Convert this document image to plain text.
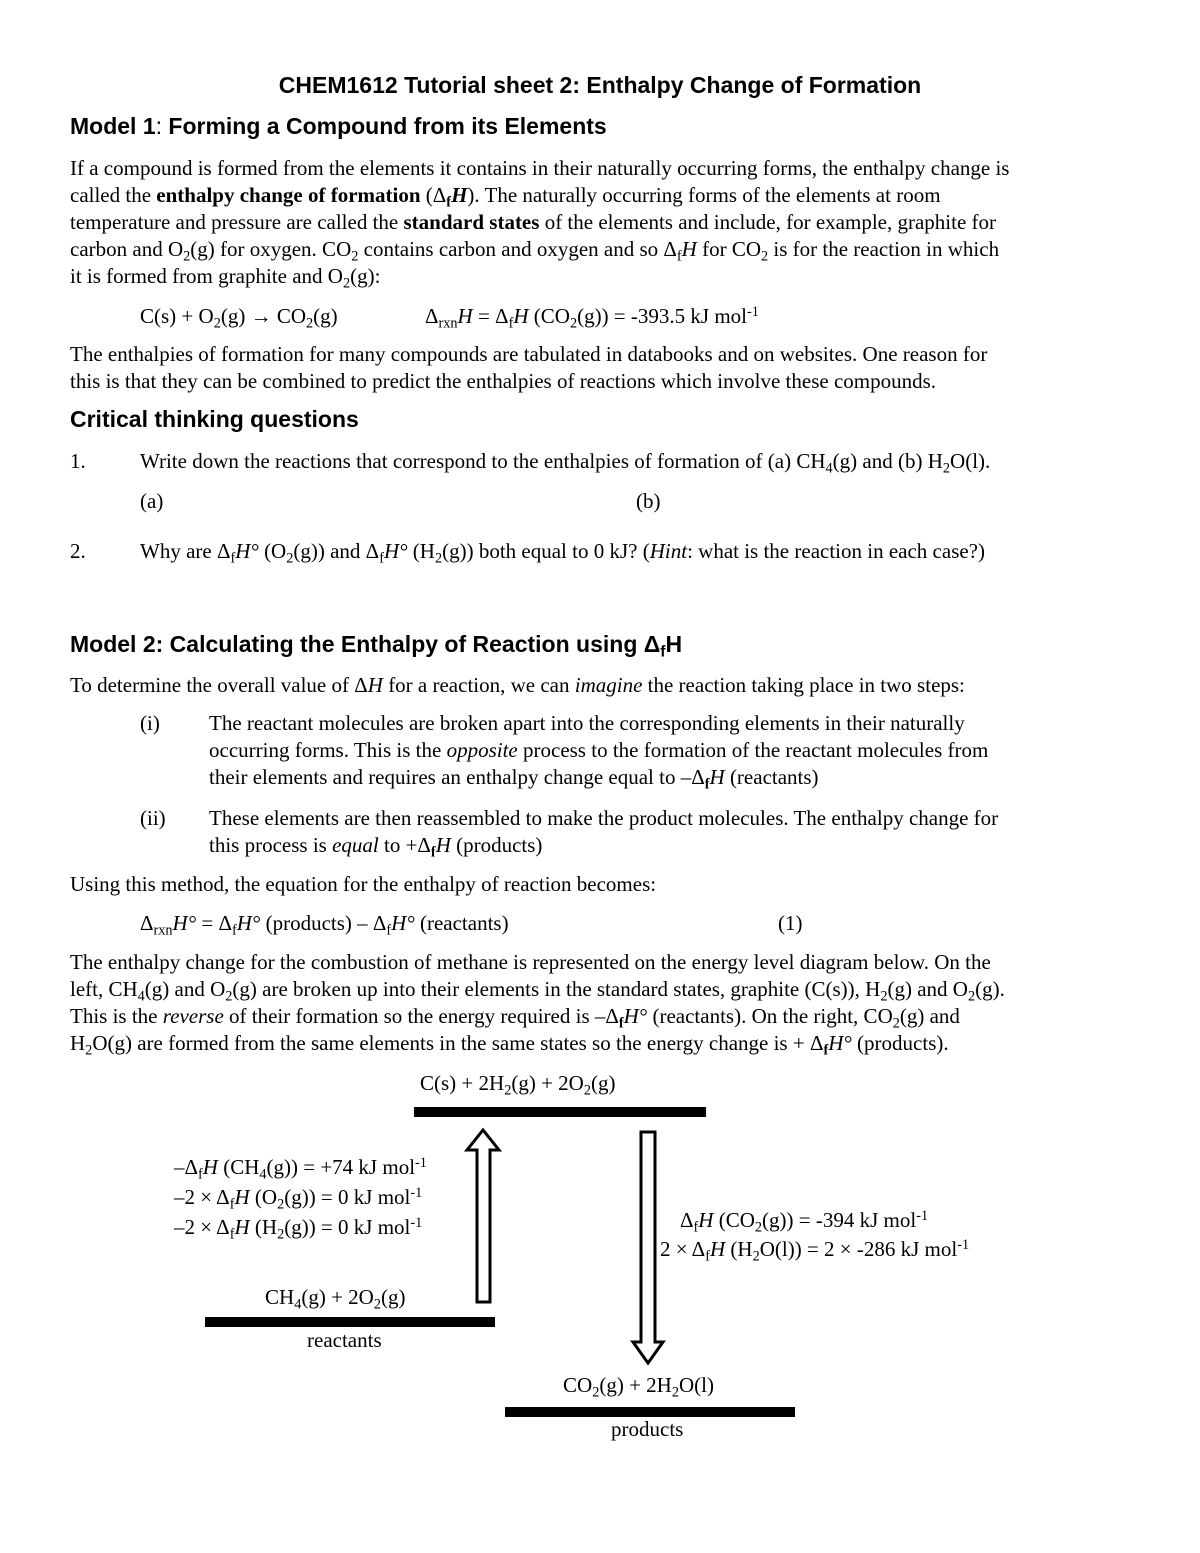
CHEM1612 Tutorial sheet 2: Enthalpy Change of Formation
Model 1: Forming a Compound from its Elements
If a compound is formed from the elements it contains in their naturally occurring forms, the enthalpy change is
called the enthalpy change of formation $(\Delta_fH)$. The naturally occurring forms of the elements at room
temperature and pressure are called the standard states of the elements and include, for example, graphite for
carbon and $O_2(g)$ for oxygen. $CO_2$ contains carbon and oxygen and so $\Delta_fH$ for $CO_2$ is for the reaction in which
it is formed from graphite and $O_2(g)$:
$C(s) + O_2(g) \to CO_2(g)$	$\Delta_{rxn}H = \Delta_fH$ $(CO_2(g)) = -393.5$ kJ mol$^{-1}$
The enthalpies of formation for many compounds are tabulated in databooks and on websites. One reason for
this is that they can be combined to predict the enthalpies of reactions which involve these compounds.
Critical thinking questions
1.	Write down the reactions that correspond to the enthalpies of formation of (a) $CH_4(g)$ and (b) $H_2O(l)$.
(a)	(b)
2.	Why are $\Delta_fH^\circ$ $(O_2(g))$ and $\Delta_fH^\circ$ $(H_2(g))$ both equal to 0 kJ? (Hint: what is the reaction in each case?)
Model 2: Calculating the Enthalpy of Reaction using $\Delta_fH$
To determine the overall value of ΔH for a reaction, we can imagine the reaction taking place in two steps:
(i) The reactant molecules are broken apart into the corresponding elements in their naturally
occurring forms. This is the opposite process to the formation of the reactant molecules from
their elements and requires an enthalpy change equal to $-\Delta_fH$ (reactants)
(ii) These elements are then reassembled to make the product molecules. The enthalpy change for
this process is equal to $+\Delta_fH$ (products)
Using this method, the equation for the enthalpy of reaction becomes:
$\Delta_{rxn}H^\circ = \Delta_fH^\circ$ (products) – $\Delta_fH^\circ$ (reactants)	(1)
The enthalpy change for the combustion of methane is represented on the energy level diagram below. On the
left, $CH_4(g)$ and $O_2(g)$ are broken up into their elements in the standard states, graphite (C(s)), $H_2(g)$ and $O_2(g)$.
This is the reverse of their formation so the energy required is $-\Delta_fH^\circ$ (reactants). On the right, $CO_2(g)$ and
$H_2O(g)$ are formed from the same elements in the same states so the energy change is + $\Delta_fH^\circ$ (products).
$C(s) + 2H_2(g) + 2O_2(g)$
$-\Delta_fH$ $(CH_4(g)) = +74$ kJ mol$^{-1}$
$-2 \times \Delta_fH$ $(O_2(g)) = 0$ kJ mol$^{-1}$
$-2 \times \Delta_fH$ $(H_2(g)) = 0$ kJ mol$^{-1}$
$CH_4(g) + 2O_2(g)$
reactants
$\Delta_fH$ $(CO_2(g)) = -394$ kJ mol$^{-1}$
$2 \times \Delta_fH$ $(H_2O(l)) = 2 \times -286$ kJ mol$^{-1}$
$CO_2(g) + 2H_2O(l)$
products
